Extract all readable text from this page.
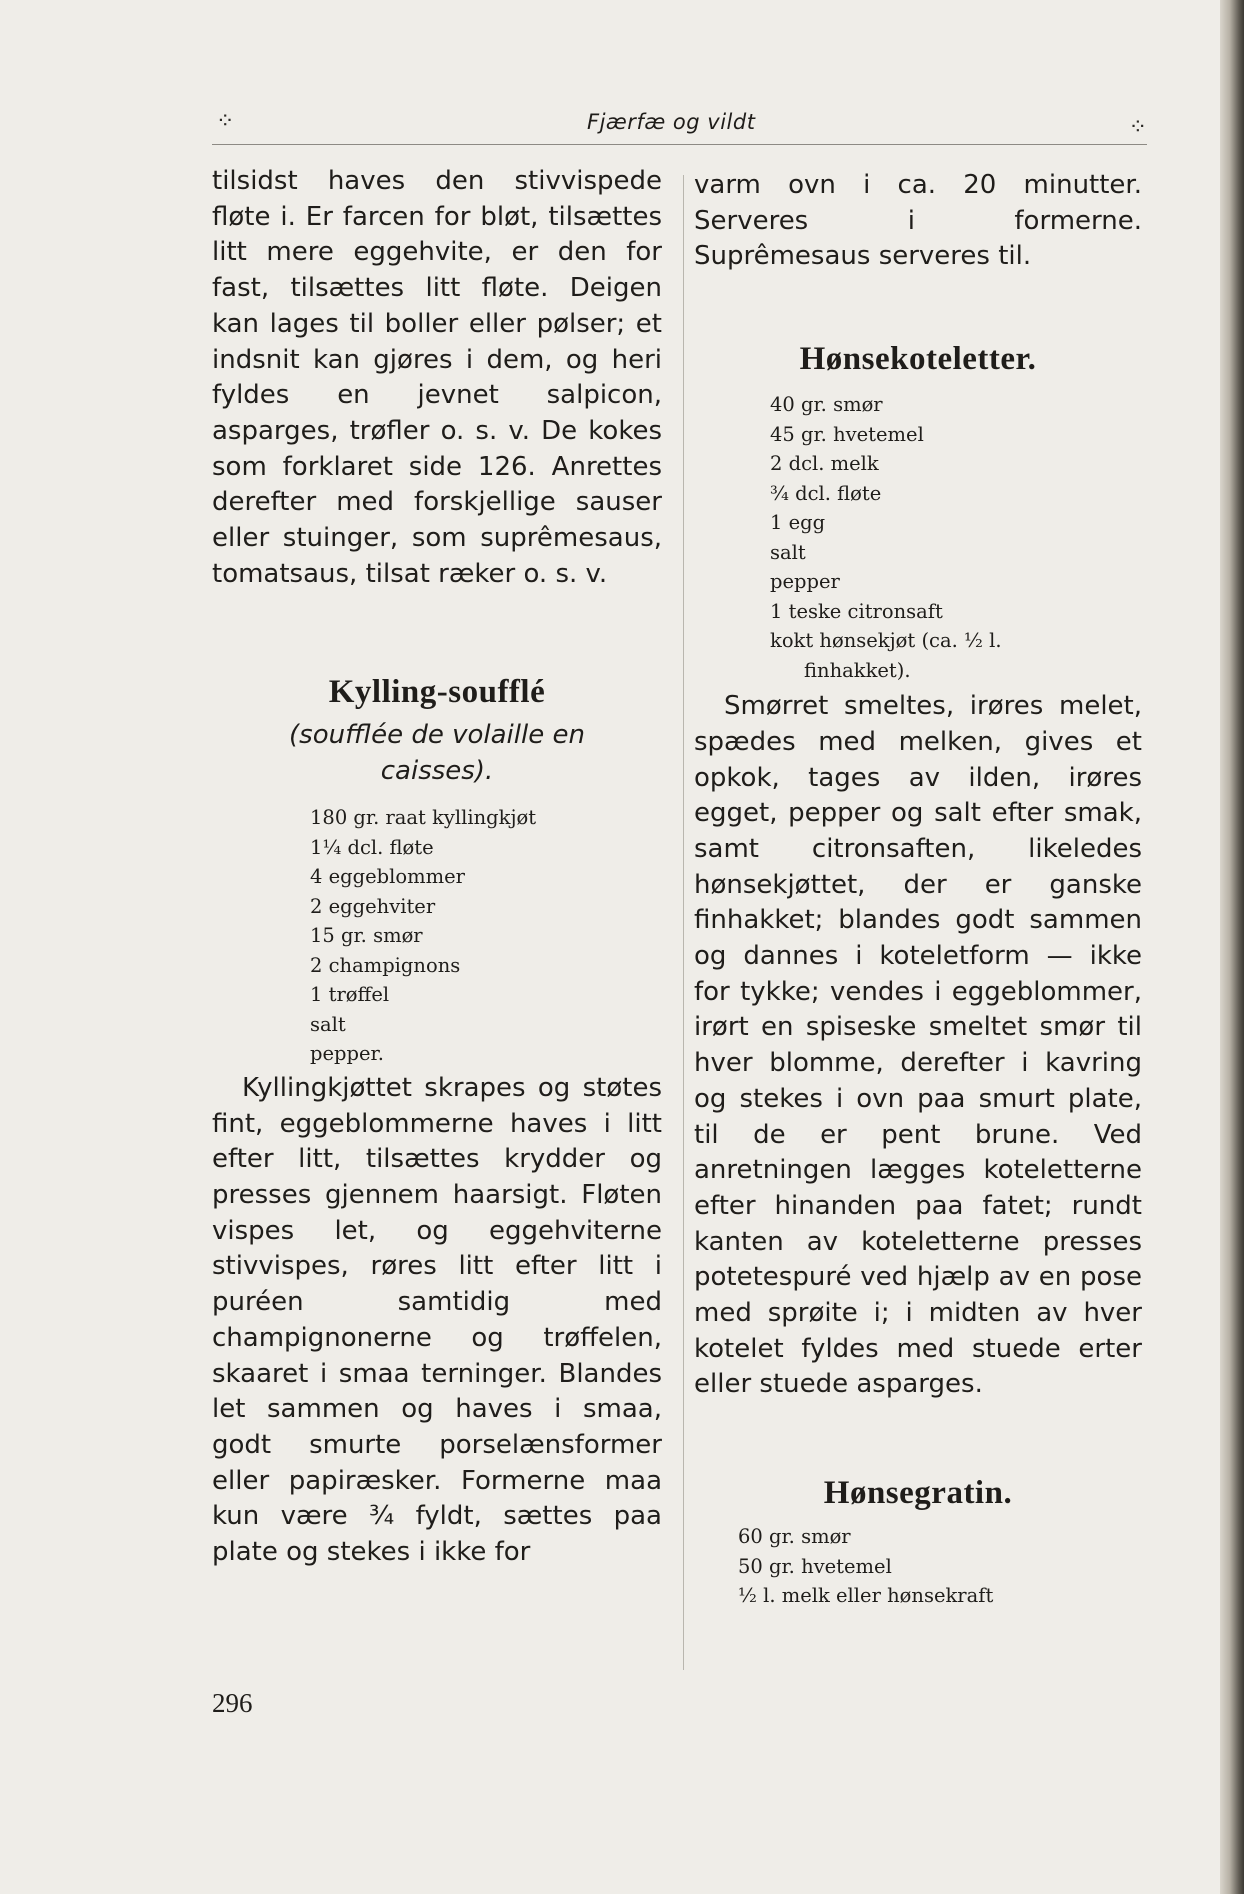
⁘	Fjærfæ og vildt	⁘

tilsidst haves den stivvispede fløte i. Er farcen for bløt, tilsættes litt mere eggehvite, er den for fast, tilsættes litt fløte. Deigen kan lages til boller eller pølser; et indsnit kan gjøres i dem, og heri fyldes en jevnet salpicon, asparges, trøfler o. s. v. De kokes som forklaret side 126. Anrettes derefter med forskjellige sauser eller stuinger, som suprêmesaus, tomatsaus, tilsat ræker o. s. v.

Kylling-soufflé

(soufflée de volaille en caisses).

180 gr. raat kyllingkjøt
1¼ dcl. fløte
4 eggeblommer
2 eggehviter
15 gr. smør
2 champignons
1 trøffel
salt
pepper.

Kyllingkjøttet skrapes og støtes fint, eggeblommerne haves i litt efter litt, tilsættes krydder og presses gjennem haarsigt. Fløten vispes let, og eggehviterne stivvispes, røres litt efter litt i puréen samtidig med champignonerne og trøffelen, skaaret i smaa terninger. Blandes let sammen og haves i smaa, godt smurte porselænsformer eller papiræsker. Formerne maa kun være ¾ fyldt, sættes paa plate og stekes i ikke for

varm ovn i ca. 20 minutter. Serveres i formerne. Suprêmesaus serveres til.

Hønsekoteletter.
40 gr. smør
45 gr. hvetemel
2 dcl. melk
¾ dcl. fløte
1 egg
salt
pepper
1 teske citronsaft
kokt hønsekjøt (ca. ½ l.
finhakket).

Smørret smeltes, irøres melet, spædes med melken, gives et opkok, tages av ilden, irøres egget, pepper og salt efter smak, samt citronsaften, likeledes hønsekjøttet, der er ganske finhakket; blandes godt sammen og dannes i koteletform — ikke for tykke; vendes i eggeblommer, irørt en spiseske smeltet smør til hver blomme, derefter i kavring og stekes i ovn paa smurt plate, til de er pent brune. Ved anretningen lægges koteletterne efter hinanden paa fatet; rundt kanten av koteletterne presses potetespuré ved hjælp av en pose med sprøite i; i midten av hver kotelet fyldes med stuede erter eller stuede asparges.

Hønsegratin.
60 gr. smør
50 gr. hvetemel
½ l. melk eller hønsekraft
296
